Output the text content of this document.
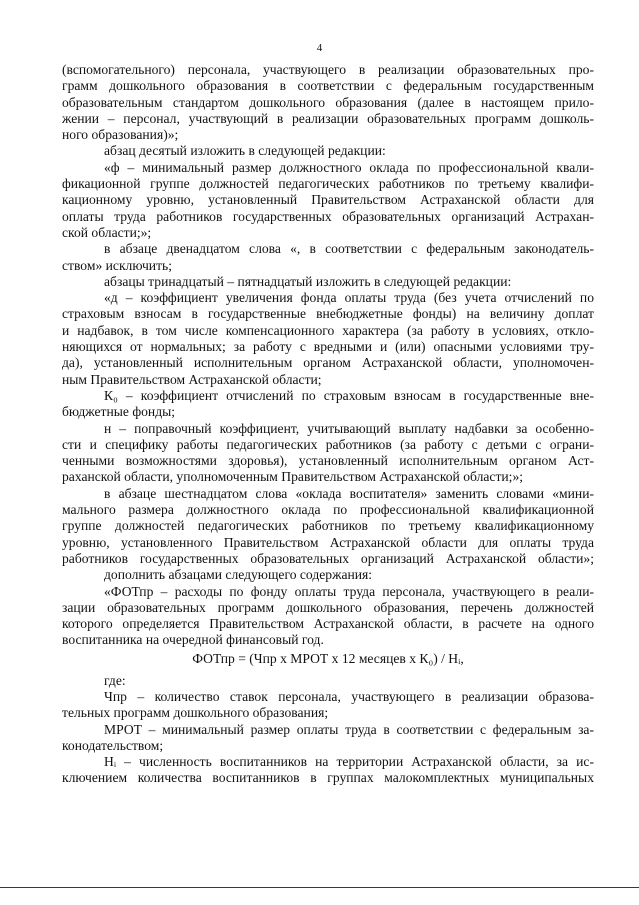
4
(вспомогательного) персонала, участвующего в реализации образовательных про-
грамм дошкольного образования в соответствии с федеральным государственным
образовательным стандартом дошкольного образования (далее в настоящем прило-
жении – персонал, участвующий в реализации образовательных программ дошколь-
ного образования)»;
абзац десятый изложить в следующей редакции:
«ф – минимальный размер должностного оклада по профессиональной квали-
фикационной группе должностей педагогических работников по третьему квалифи-
кационному уровню, установленный Правительством Астраханской области для
оплаты труда работников государственных образовательных организаций Астрахан-
ской области;»;
в абзаце двенадцатом слова «, в соответствии с федеральным законодатель-
ством» исключить;
абзацы тринадцатый – пятнадцатый изложить в следующей редакции:
«д – коэффициент увеличения фонда оплаты труда (без учета отчислений по
страховым взносам в государственные внебюджетные фонды) на величину доплат
и надбавок, в том числе компенсационного характера (за работу в условиях, откло-
няющихся от нормальных; за работу с вредными и (или) опасными условиями тру-
да), установленный исполнительным органом Астраханской области, уполномочен-
ным Правительством Астраханской области;
К₀ – коэффициент отчислений по страховым взносам в государственные вне-
бюджетные фонды;
н – поправочный коэффициент, учитывающий выплату надбавки за особенно-
сти и специфику работы педагогических работников (за работу с детьми с ограни-
ченными возможностями здоровья), установленный исполнительным органом Аст-
раханской области, уполномоченным Правительством Астраханской области;»;
в абзаце шестнадцатом слова «оклада воспитателя» заменить словами «мини-
мального размера должностного оклада по профессиональной квалификационной
группе должностей педагогических работников по третьему квалификационному
уровню, установленного Правительством Астраханской области для оплаты труда
работников государственных образовательных организаций Астраханской области»;
дополнить абзацами следующего содержания:
«ФОТпр – расходы по фонду оплаты труда персонала, участвующего в реали-
зации образовательных программ дошкольного образования, перечень должностей
которого определяется Правительством Астраханской области, в расчете на одного
воспитанника на очередной финансовый год.
ФОТпр = (Чпр х МРОТ х 12 месяцев х К₀) / Нᵢ,
где:
Чпр – количество ставок персонала, участвующего в реализации образова-
тельных программ дошкольного образования;
МРОТ – минимальный размер оплаты труда в соответствии с федеральным за-
конодательством;
Нᵢ – численность воспитанников на территории Астраханской области, за ис-
ключением количества воспитанников в группах малокомплектных муниципальных
